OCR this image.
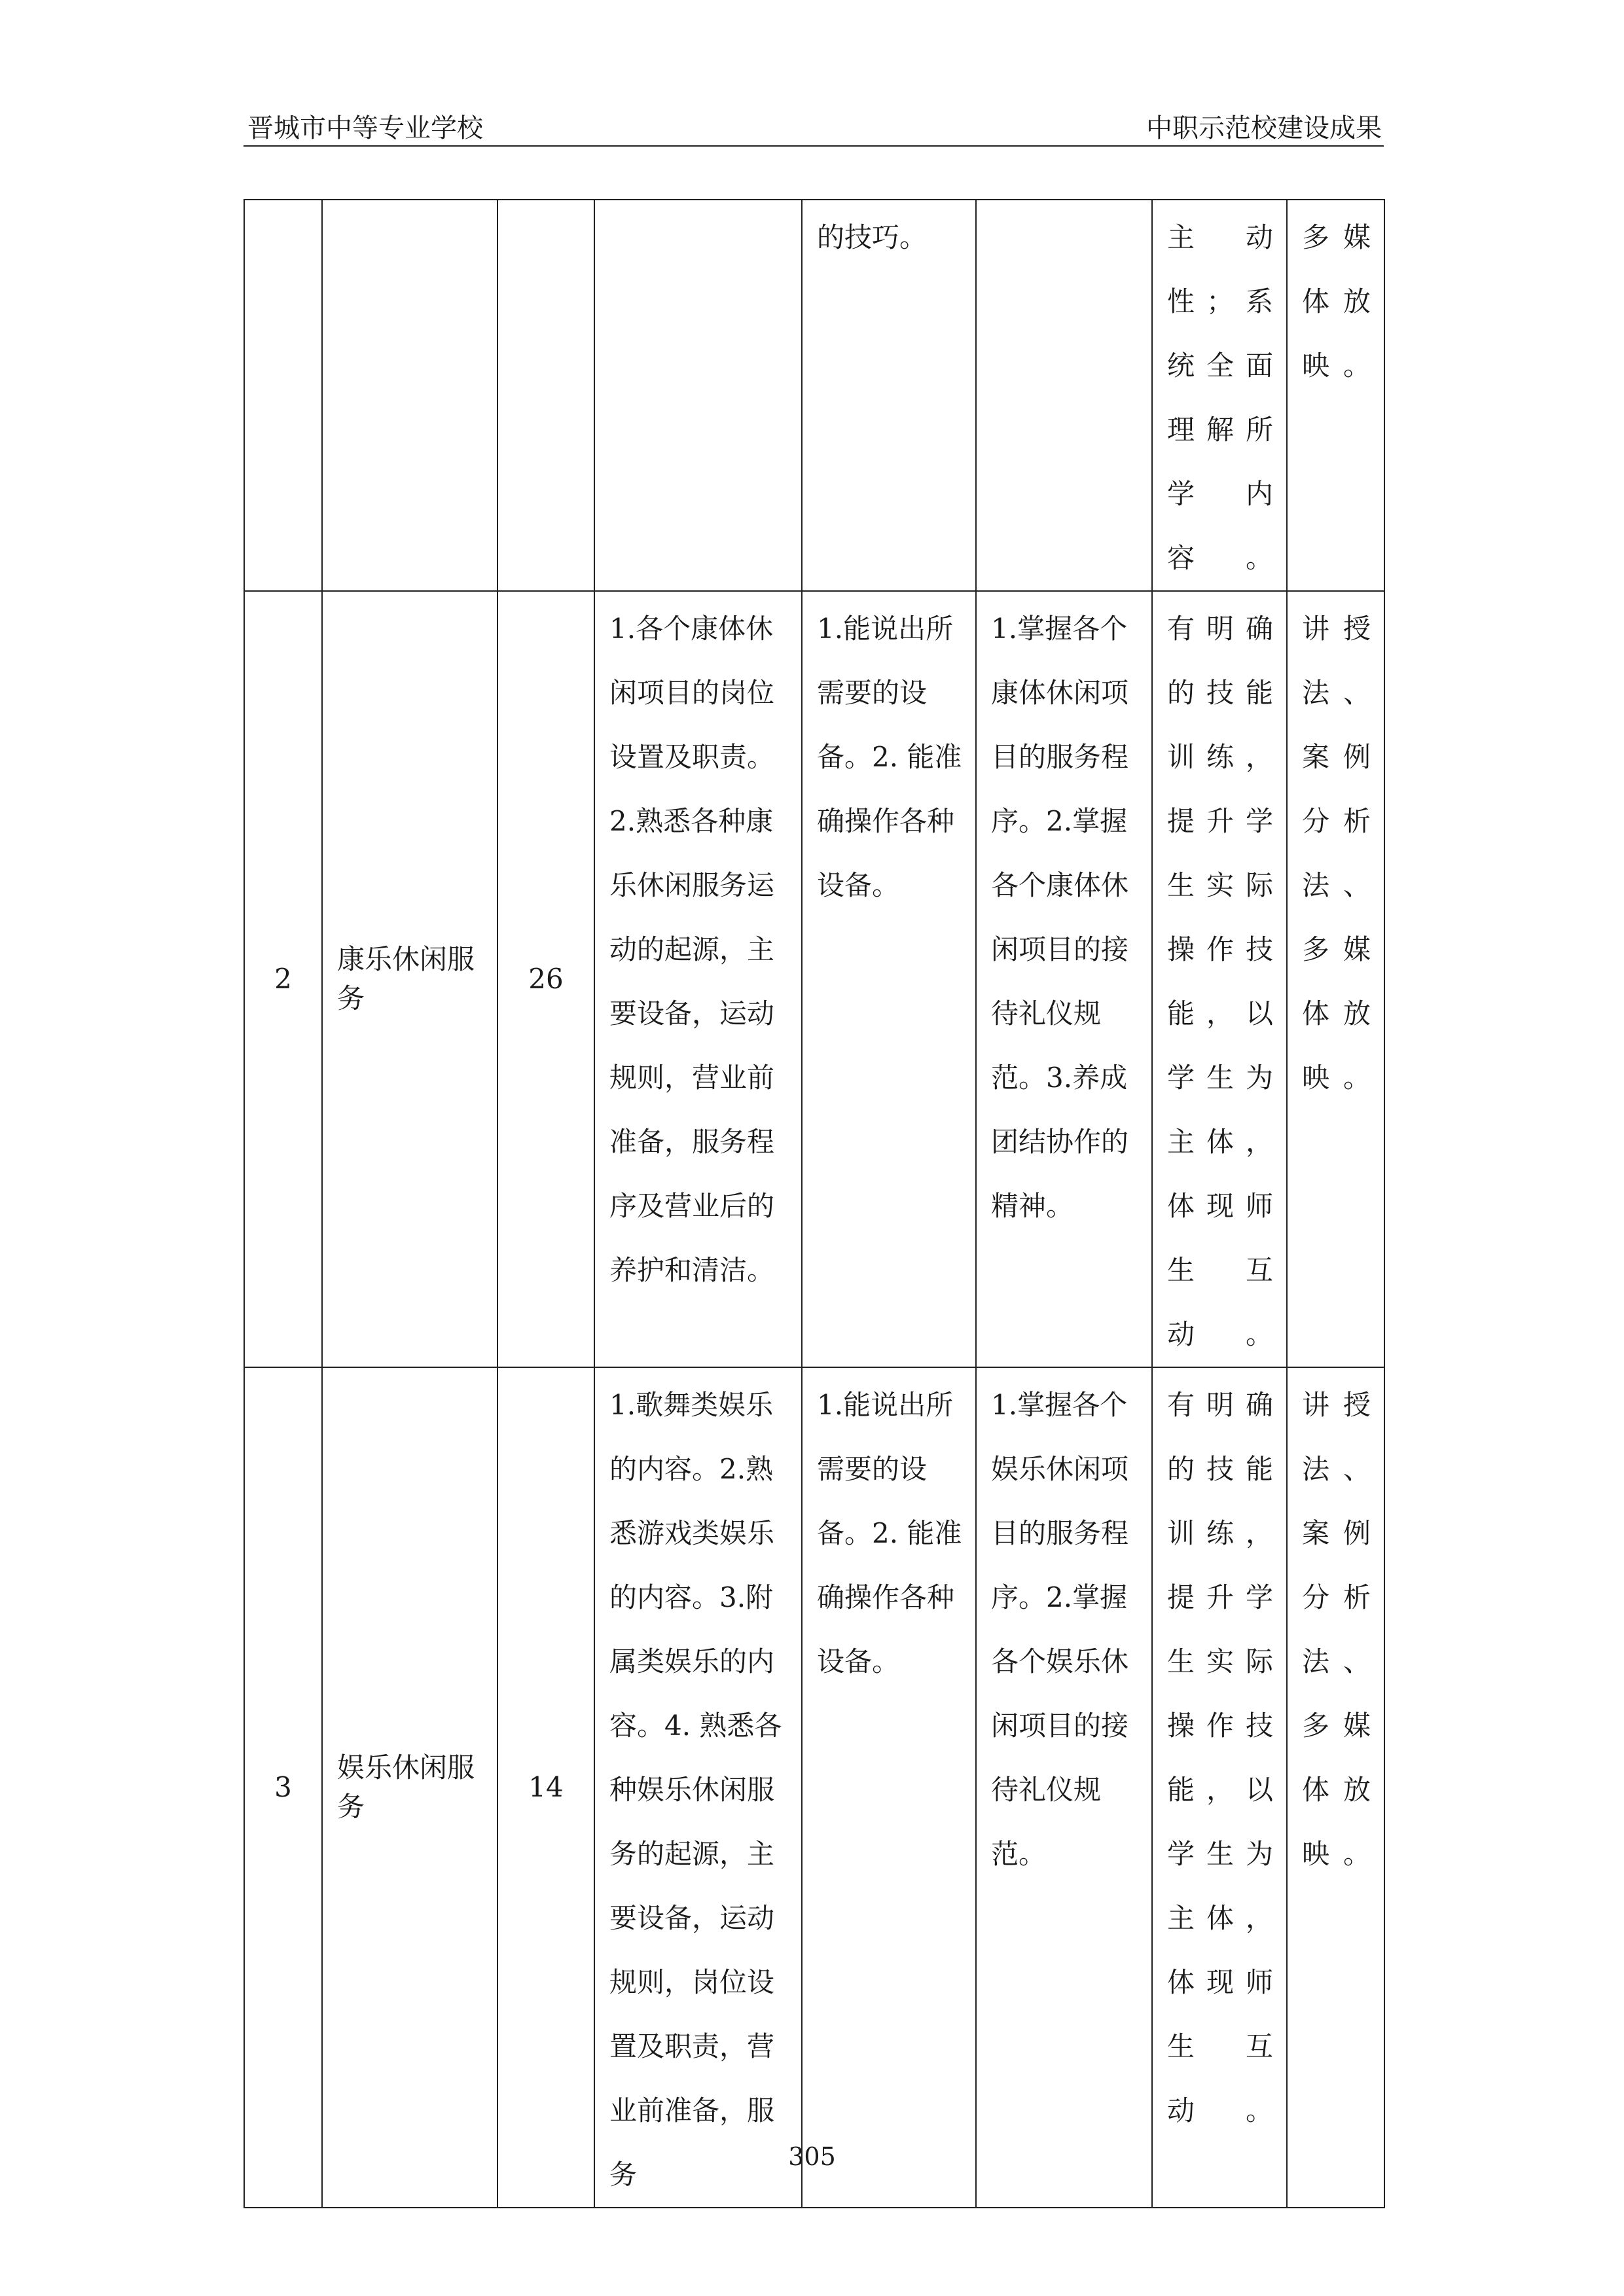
晋城市中等专业学校	中职示范校建设成果
				的技巧。		主动性；系统全面理解所学内容。	多媒体放映。
2	康乐休闲服务	26	1.各个康体休闲项目的岗位设置及职责。2.熟悉各种康乐休闲服务运动的起源，主要设备，运动规则，营业前准备，服务程序及营业后的养护和清洁。	1.能说出所需要的设备。2. 能准确操作各种设备。	1.掌握各个康体休闲项目的服务程序。2.掌握各个康体休闲项目的接待礼仪规范。3.养成团结协作的精神。	有明确的技能训练，提升学生实际操作技能，以学生为主体，体现师生互动。	讲授法、案例分析法、多媒体放映。
3	娱乐休闲服务	14	1.歌舞类娱乐的内容。2.熟悉游戏类娱乐的内容。3.附属类娱乐的内容。4. 熟悉各种娱乐休闲服务的起源，主要设备，运动规则，岗位设置及职责，营业前准备，服务	1.能说出所需要的设备。2. 能准确操作各种设备。	1.掌握各个娱乐休闲项目的服务程序。2.掌握各个娱乐休闲项目的接待礼仪规范。	有明确的技能训练，提升学生实际操作技能，以学生为主体，体现师生互动。	讲授法、案例分析法、多媒体放映。
305
